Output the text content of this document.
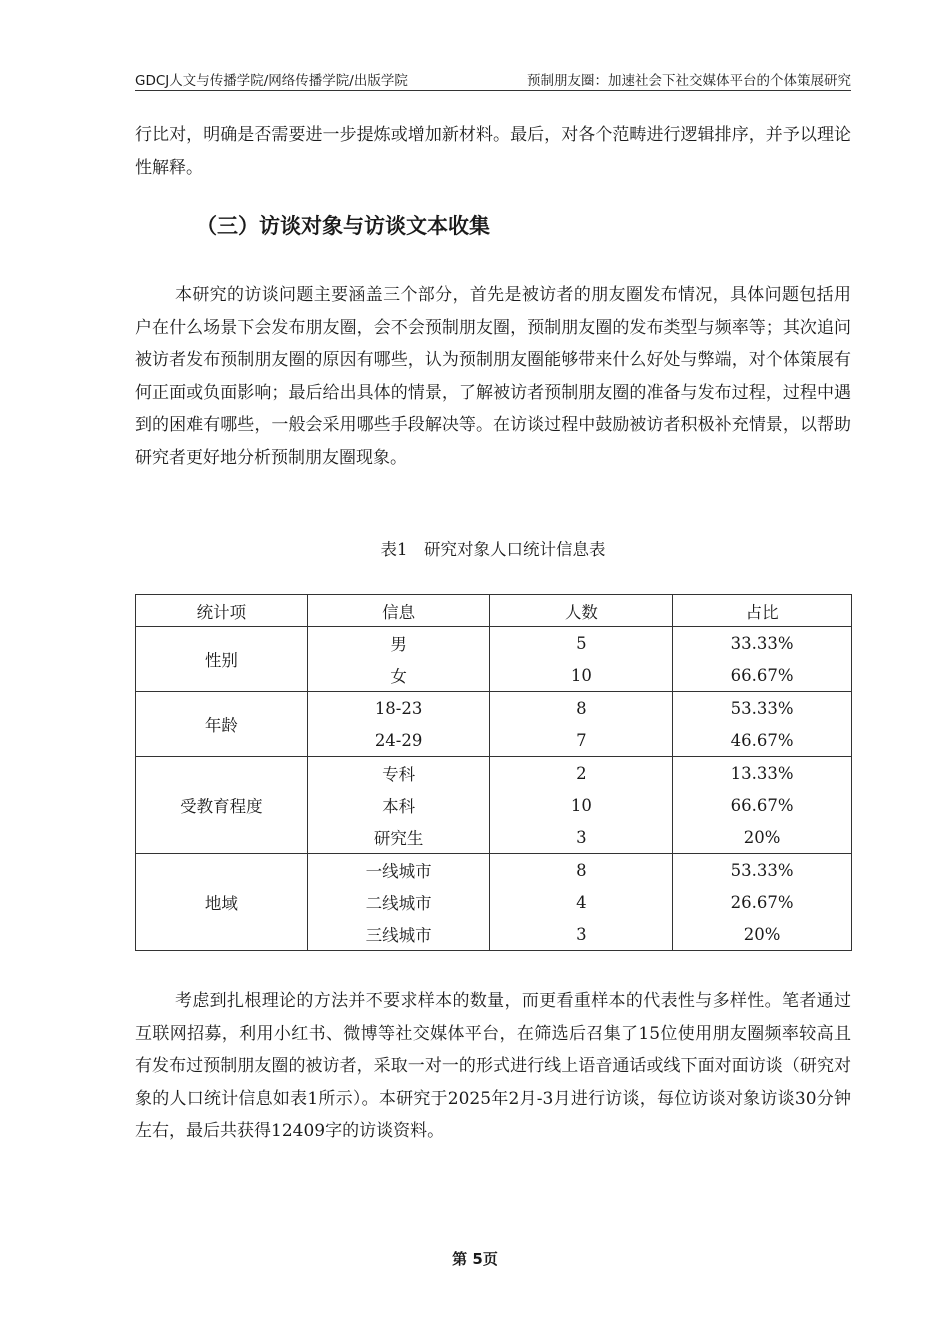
GDCJ人文与传播学院/网络传播学院/出版学院	预制朋友圈：加速社会下社交媒体平台的个体策展研究

行比对，明确是否需要进一步提炼或增加新材料。最后，对各个范畴进行逻辑排序，并予以理论性解释。

（三）访谈对象与访谈文本收集

本研究的访谈问题主要涵盖三个部分，首先是被访者的朋友圈发布情况，具体问题包括用户在什么场景下会发布朋友圈，会不会预制朋友圈，预制朋友圈的发布类型与频率等；其次追问被访者发布预制朋友圈的原因有哪些，认为预制朋友圈能够带来什么好处与弊端，对个体策展有何正面或负面影响；最后给出具体的情景，了解被访者预制朋友圈的准备与发布过程，过程中遇到的困难有哪些，一般会采用哪些手段解决等。在访谈过程中鼓励被访者积极补充情景，以帮助研究者更好地分析预制朋友圈现象。

表1　研究对象人口统计信息表
统计项	信息	人数	占比
性别	男	5	33.33%
	女	10	66.67%
年龄	18-23	8	53.33%
	24-29	7	46.67%
受教育程度	专科	2	13.33%
	本科	10	66.67%
	研究生	3	20%
地域	一线城市	8	53.33%
	二线城市	4	26.67%
	三线城市	3	20%

考虑到扎根理论的方法并不要求样本的数量，而更看重样本的代表性与多样性。笔者通过互联网招募，利用小红书、微博等社交媒体平台，在筛选后召集了15位使用朋友圈频率较高且有发布过预制朋友圈的被访者，采取一对一的形式进行线上语音通话或线下面对面访谈（研究对象的人口统计信息如表1所示）。本研究于2025年2月-3月进行访谈，每位访谈对象访谈30分钟左右，最后共获得12409字的访谈资料。

第 5页
